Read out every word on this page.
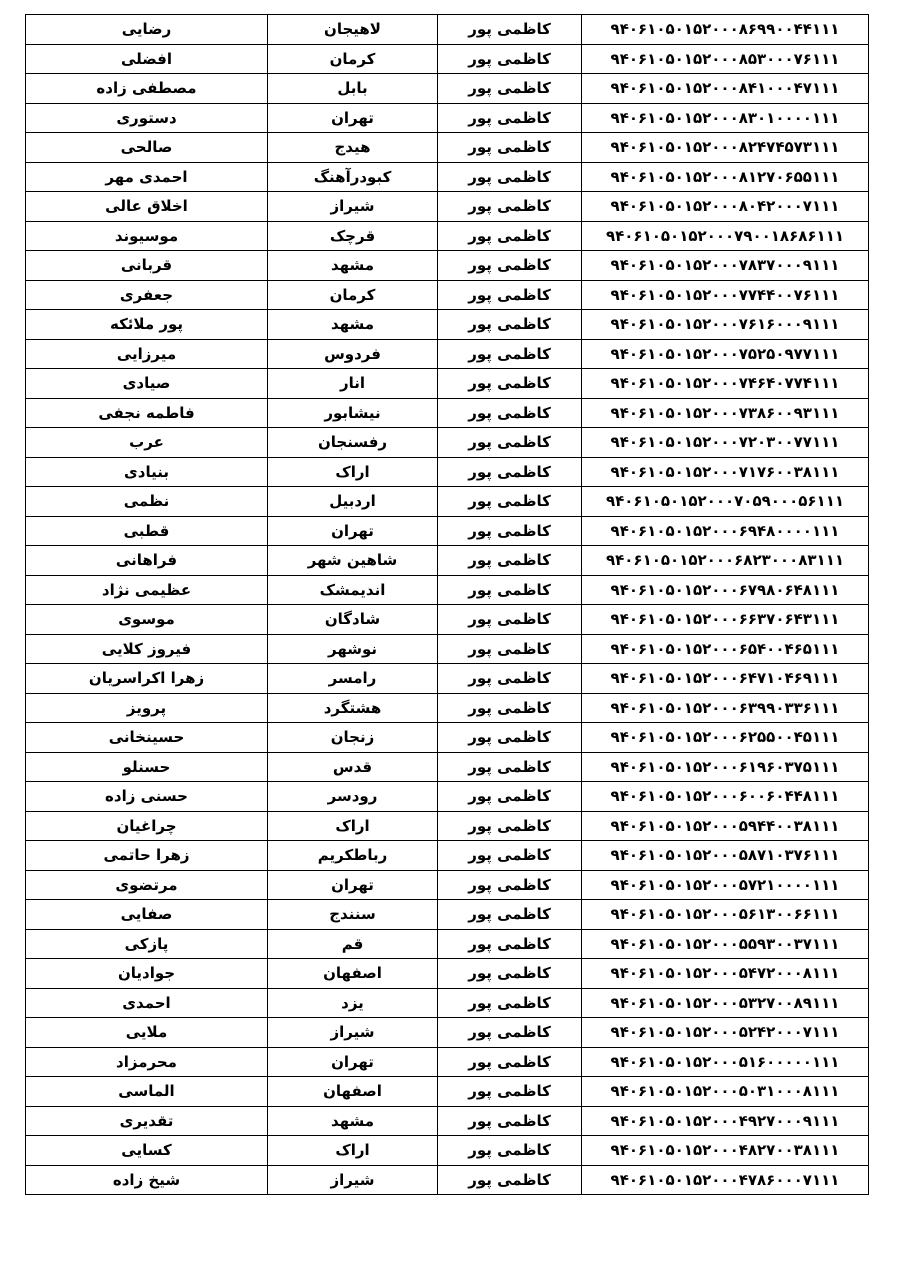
رضایی	لاهیجان	کاظمی پور	۹۴۰۶۱۰۵۰۱۵۲۰۰۰۸۶۹۹۰۰۴۴۱۱۱
افضلی	کرمان	کاظمی پور	۹۴۰۶۱۰۵۰۱۵۲۰۰۰۸۵۳۰۰۰۷۶۱۱۱
مصطفی زاده	بابل	کاظمی پور	۹۴۰۶۱۰۵۰۱۵۲۰۰۰۸۴۱۰۰۰۴۷۱۱۱
دستوری	تهران	کاظمی پور	۹۴۰۶۱۰۵۰۱۵۲۰۰۰۸۳۰۱۰۰۰۰۱۱۱
صالحی	هیدج	کاظمی پور	۹۴۰۶۱۰۵۰۱۵۲۰۰۰۸۲۴۷۴۵۷۳۱۱۱
احمدی مهر	کبودرآهنگ	کاظمی پور	۹۴۰۶۱۰۵۰۱۵۲۰۰۰۸۱۲۷۰۶۵۵۱۱۱
اخلاق عالی	شیراز	کاظمی پور	۹۴۰۶۱۰۵۰۱۵۲۰۰۰۸۰۴۲۰۰۰۷۱۱۱
موسیوند	قرچک	کاظمی پور	۹۴۰۶۱۰۵۰۱۵۲۰۰۰۷۹۰۰۱۸۶۸۶۱۱۱
قربانی	مشهد	کاظمی پور	۹۴۰۶۱۰۵۰۱۵۲۰۰۰۷۸۳۷۰۰۰۹۱۱۱
جعفری	کرمان	کاظمی پور	۹۴۰۶۱۰۵۰۱۵۲۰۰۰۷۷۴۴۰۰۷۶۱۱۱
پور ملائکه	مشهد	کاظمی پور	۹۴۰۶۱۰۵۰۱۵۲۰۰۰۷۶۱۶۰۰۰۹۱۱۱
میرزایی	فردوس	کاظمی پور	۹۴۰۶۱۰۵۰۱۵۲۰۰۰۷۵۲۵۰۹۷۷۱۱۱
صیادی	انار	کاظمی پور	۹۴۰۶۱۰۵۰۱۵۲۰۰۰۷۴۶۴۰۷۷۴۱۱۱
فاطمه نجفی	نیشابور	کاظمی پور	۹۴۰۶۱۰۵۰۱۵۲۰۰۰۷۳۸۶۰۰۹۳۱۱۱
عرب	رفسنجان	کاظمی پور	۹۴۰۶۱۰۵۰۱۵۲۰۰۰۷۲۰۳۰۰۷۷۱۱۱
بنیادی	اراک	کاظمی پور	۹۴۰۶۱۰۵۰۱۵۲۰۰۰۷۱۷۶۰۰۳۸۱۱۱
نظمی	اردبیل	کاظمی پور	۹۴۰۶۱۰۵۰۱۵۲۰۰۰۷۰۵۹۰۰۰۵۶۱۱۱
قطبی	تهران	کاظمی پور	۹۴۰۶۱۰۵۰۱۵۲۰۰۰۶۹۴۸۰۰۰۰۱۱۱
فراهانی	شاهین شهر	کاظمی پور	۹۴۰۶۱۰۵۰۱۵۲۰۰۰۶۸۲۳۰۰۰۸۳۱۱۱
عظیمی نژاد	اندیمشک	کاظمی پور	۹۴۰۶۱۰۵۰۱۵۲۰۰۰۶۷۹۸۰۶۴۸۱۱۱
موسوی	شادگان	کاظمی پور	۹۴۰۶۱۰۵۰۱۵۲۰۰۰۶۶۳۷۰۶۴۳۱۱۱
فیروز کلایی	نوشهر	کاظمی پور	۹۴۰۶۱۰۵۰۱۵۲۰۰۰۶۵۴۰۰۴۶۵۱۱۱
زهرا اکراسریان	رامسر	کاظمی پور	۹۴۰۶۱۰۵۰۱۵۲۰۰۰۶۴۷۱۰۴۶۹۱۱۱
پرویز	هشتگرد	کاظمی پور	۹۴۰۶۱۰۵۰۱۵۲۰۰۰۶۳۹۹۰۳۳۶۱۱۱
حسینخانی	زنجان	کاظمی پور	۹۴۰۶۱۰۵۰۱۵۲۰۰۰۶۲۵۵۰۰۴۵۱۱۱
حسنلو	قدس	کاظمی پور	۹۴۰۶۱۰۵۰۱۵۲۰۰۰۶۱۹۶۰۳۷۵۱۱۱
حسنی زاده	رودسر	کاظمی پور	۹۴۰۶۱۰۵۰۱۵۲۰۰۰۶۰۰۶۰۴۴۸۱۱۱
چراغیان	اراک	کاظمی پور	۹۴۰۶۱۰۵۰۱۵۲۰۰۰۵۹۴۴۰۰۳۸۱۱۱
زهرا حاتمی	رباطکریم	کاظمی پور	۹۴۰۶۱۰۵۰۱۵۲۰۰۰۵۸۷۱۰۳۷۶۱۱۱
مرتضوی	تهران	کاظمی پور	۹۴۰۶۱۰۵۰۱۵۲۰۰۰۵۷۲۱۰۰۰۰۱۱۱
صفایی	سنندج	کاظمی پور	۹۴۰۶۱۰۵۰۱۵۲۰۰۰۵۶۱۳۰۰۶۶۱۱۱
پازکی	قم	کاظمی پور	۹۴۰۶۱۰۵۰۱۵۲۰۰۰۵۵۹۳۰۰۳۷۱۱۱
جوادیان	اصفهان	کاظمی پور	۹۴۰۶۱۰۵۰۱۵۲۰۰۰۵۴۷۲۰۰۰۸۱۱۱
احمدی	یزد	کاظمی پور	۹۴۰۶۱۰۵۰۱۵۲۰۰۰۵۳۲۷۰۰۸۹۱۱۱
ملایی	شیراز	کاظمی پور	۹۴۰۶۱۰۵۰۱۵۲۰۰۰۵۲۴۲۰۰۰۷۱۱۱
محرمزاد	تهران	کاظمی پور	۹۴۰۶۱۰۵۰۱۵۲۰۰۰۵۱۶۰۰۰۰۰۱۱۱
الماسی	اصفهان	کاظمی پور	۹۴۰۶۱۰۵۰۱۵۲۰۰۰۵۰۳۱۰۰۰۸۱۱۱
تقدیری	مشهد	کاظمی پور	۹۴۰۶۱۰۵۰۱۵۲۰۰۰۴۹۲۷۰۰۰۹۱۱۱
کسایی	اراک	کاظمی پور	۹۴۰۶۱۰۵۰۱۵۲۰۰۰۴۸۲۷۰۰۳۸۱۱۱
شیخ زاده	شیراز	کاظمی پور	۹۴۰۶۱۰۵۰۱۵۲۰۰۰۴۷۸۶۰۰۰۷۱۱۱
